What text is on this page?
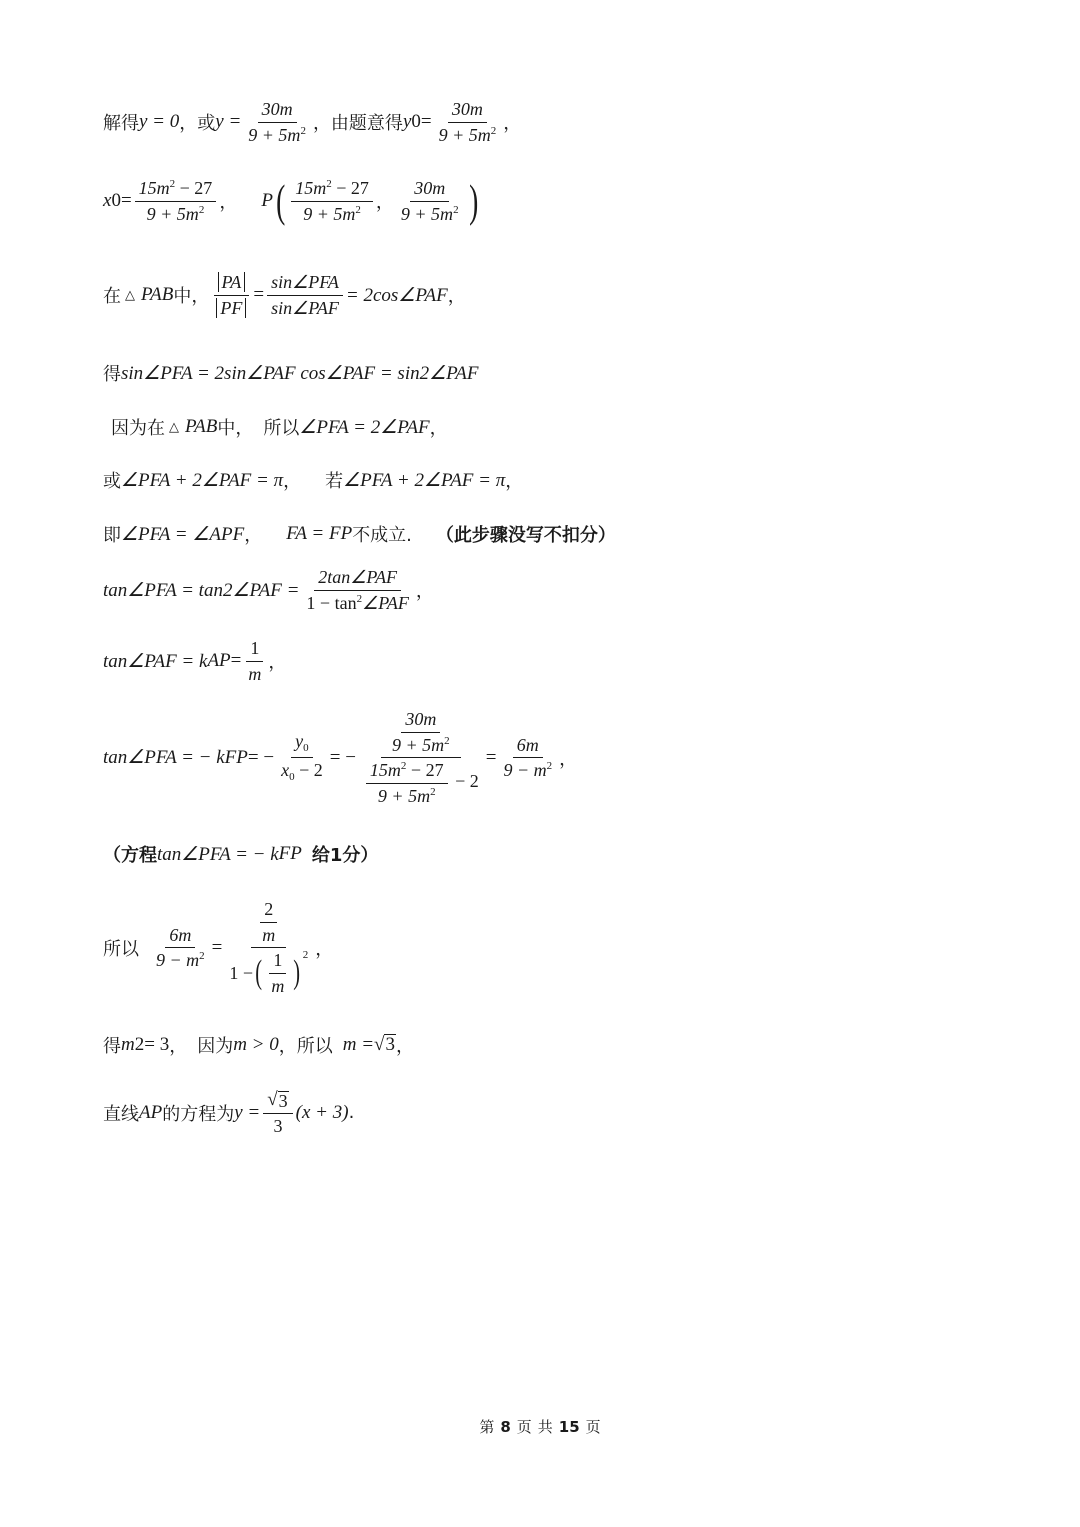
解得 y = 0 ，或 $y = \frac{30m}{9 + 5m^2}$ ，由题意得 y $0 = \frac{30m}{9 + 5m^2}$ ，
x $0 = \frac{15m^2 - 27}{9 + 5m^2}$ ， P ( $\frac{15m^2 - 27}{9 + 5m^2}$ ， $\frac{30m}{9 + 5m^2}$ )
在 △ PAB 中， $\frac{PA}{PF} = \frac{\text{sin∠PFA}}{\text{sin∠PAF}}$ = 2cos∠PAF ，
得 sin∠PFA = 2sin∠PAF cos∠PAF = sin2∠PAF
因为在 △ PAB 中， 所以 ∠PFA = 2∠PAF ，
或 ∠PFA + 2∠PAF = π ， 若 ∠PFA + 2∠PAF = π ，
即 ∠PFA = ∠APF ， FA = FP 不成立. （此步骤没写不扣分）
tan∠PFA = tan2∠PAF = $\frac{\text{2tan∠PAF}}{1 - \tan^2\angle PAF}$ ，
tan∠PAF = k AP = $\frac{1}{m}$ ，
tan∠PFA = − k FP = − $\frac{y_0}{x_0 - 2}$ = − $\frac{\frac{30m}{9 + 5m^2}}{\frac{15m^2 - 27}{9 + 5m^2} - 2} = \frac{6m}{9 - m^2}$ ，
（方程 tan∠PFA = − k FP 给1分）
所以 $\frac{6m}{9 - m^2}$ =
$\frac{2}{m}$
1 − ( $\frac{1}{m} )^2$ ，
得 m 2 = 3 ， 因为 m > 0 ，所以 m = √ 3 ，
直线 AP 的方程为 $y = \frac{√ 3}{3} (x + 3)$ .
第 8 页 共 15 页
